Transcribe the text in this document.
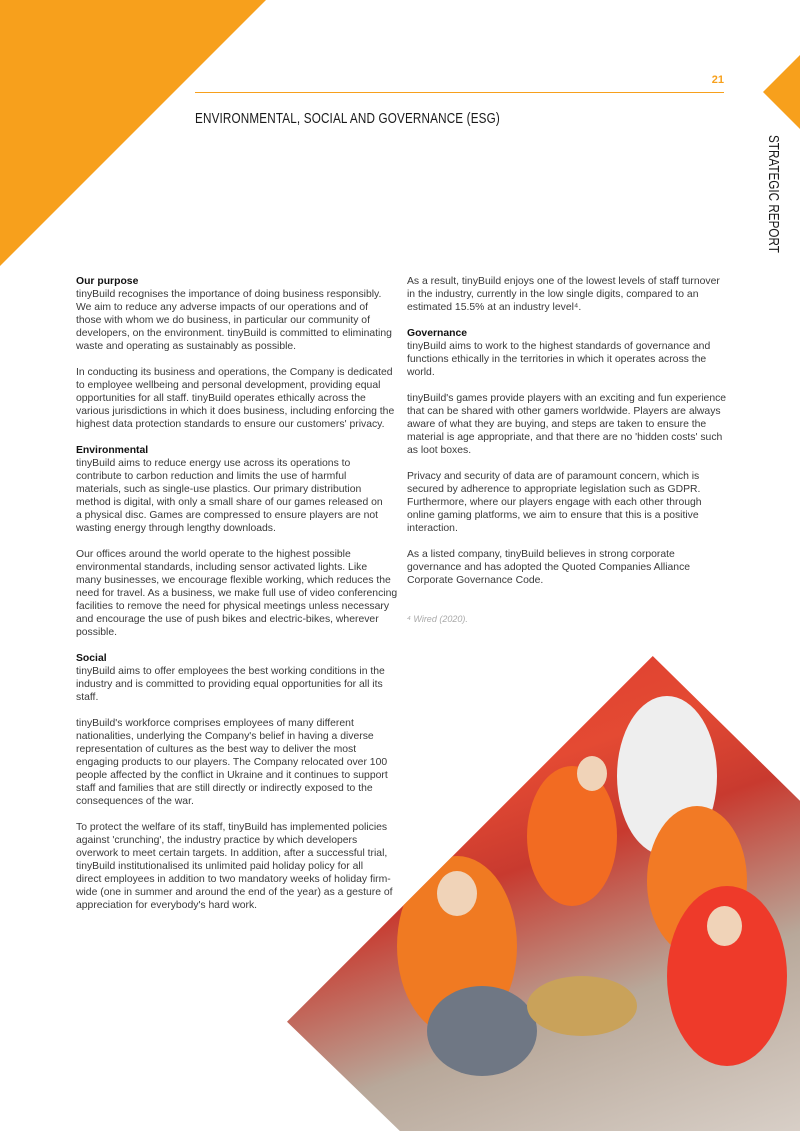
21
ENVIRONMENTAL, SOCIAL AND GOVERNANCE (ESG)
STRATEGIC REPORT
Our purpose
tinyBuild recognises the importance of doing business responsibly.
We aim to reduce any adverse impacts of our operations and of
those with whom we do business, in particular our community of
developers, on the environment. tinyBuild is committed to eliminating
waste and operating as sustainably as possible.
In conducting its business and operations, the Company is dedicated
to employee wellbeing and personal development, providing equal
opportunities for all staff. tinyBuild operates ethically across the
various jurisdictions in which it does business, including enforcing the
highest data protection standards to ensure our customers' privacy.
Environmental
tinyBuild aims to reduce energy use across its operations to
contribute to carbon reduction and limits the use of harmful
materials, such as single-use plastics. Our primary distribution
method is digital, with only a small share of our games released on
a physical disc. Games are compressed to ensure players are not
wasting energy through lengthy downloads.
Our offices around the world operate to the highest possible
environmental standards, including sensor activated lights. Like
many businesses, we encourage flexible working, which reduces the
need for travel. As a business, we make full use of video conferencing
facilities to remove the need for physical meetings unless necessary
and encourage the use of push bikes and electric-bikes, wherever
possible.
Social
tinyBuild aims to offer employees the best working conditions in the
industry and is committed to providing equal opportunities for all its
staff.
tinyBuild's workforce comprises employees of many different
nationalities, underlying the Company's belief in having a diverse
representation of cultures as the best way to deliver the most
engaging products to our players. The Company relocated over 100
people affected by the conflict in Ukraine and it continues to support
staff and families that are still directly or indirectly exposed to the
consequences of the war.
To protect the welfare of its staff, tinyBuild has implemented policies
against 'crunching', the industry practice by which developers
overwork to meet certain targets. In addition, after a successful trial,
tinyBuild institutionalised its unlimited paid holiday policy for all
direct employees in addition to two mandatory weeks of holiday firm-
wide (one in summer and around the end of the year) as a gesture of
appreciation for everybody's hard work.
As a result, tinyBuild enjoys one of the lowest levels of staff turnover
in the industry, currently in the low single digits, compared to an
estimated 15.5% at an industry level⁴.
Governance
tinyBuild aims to work to the highest standards of governance and
functions ethically in the territories in which it operates across the
world.
tinyBuild's games provide players with an exciting and fun experience
that can be shared with other gamers worldwide. Players are always
aware of what they are buying, and steps are taken to ensure the
material is age appropriate, and that there are no 'hidden costs' such
as loot boxes.
Privacy and security of data are of paramount concern, which is
secured by adherence to appropriate legislation such as GDPR.
Furthermore, where our players engage with each other through
online gaming platforms, we aim to ensure that this is a positive
interaction.
As a listed company, tinyBuild believes in strong corporate
governance and has adopted the Quoted Companies Alliance
Corporate Governance Code.
⁴ Wired (2020).
